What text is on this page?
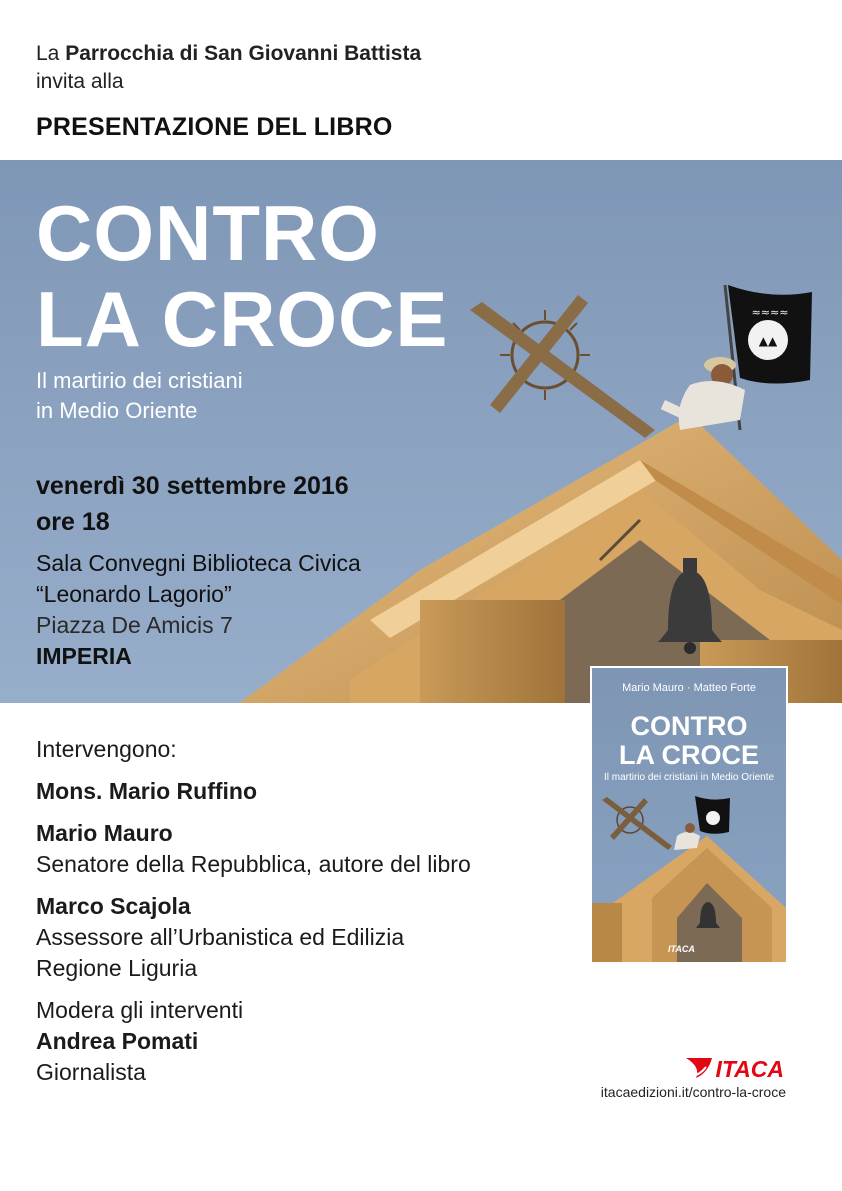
La Parrocchia di San Giovanni Battista
invita alla
PRESENTAZIONE DEL LIBRO
▲▲
≈≈≈≈
CONTRO
LA CROCE
Il martirio dei cristiani
in Medio Oriente
venerdì 30 settembre 2016
ore 18
Sala Convegni Biblioteca Civica
“Leonardo Lagorio”
Piazza De Amicis 7
IMPERIA
Intervengono:
Mons. Mario Ruffino
Mario Mauro
Senatore della Repubblica, autore del libro
Marco Scajola
Assessore all’Urbanistica ed Edilizia
Regione Liguria
Modera gli interventi
Andrea Pomati
Giornalista
Mario Mauro · Matteo Forte
CONTRO
LA CROCE
Il martirio dei cristiani in Medio Oriente
ITACA
ITACA
itacaedizioni.it/contro-la-croce
